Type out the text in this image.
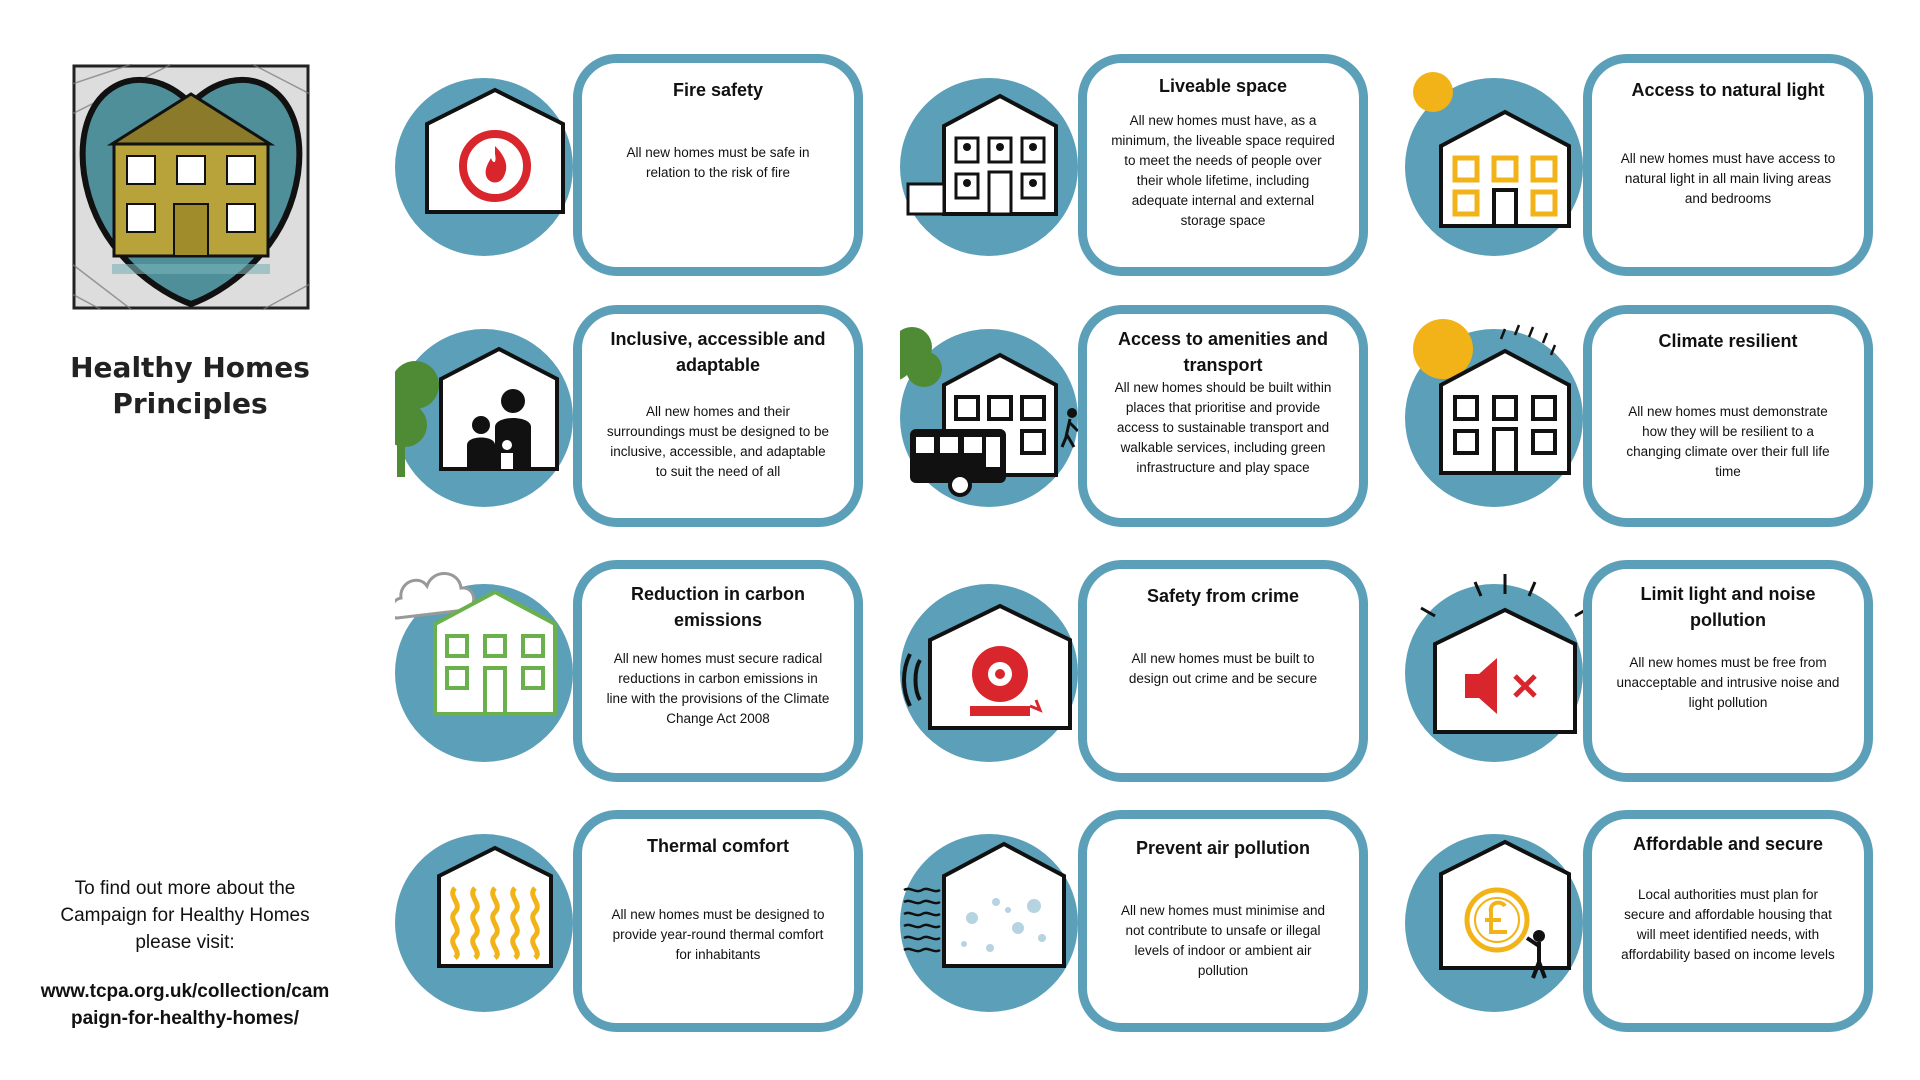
Healthy Homes
Principles
To find out more about the Campaign for Healthy Homes please visit:
www.tcpa.org.uk/collection/campaign-for-healthy-homes/
Fire safety
All new homes must be safe in relation to the risk of fire
Liveable space
All new homes must have, as a minimum, the liveable space required to meet the needs of people over their whole lifetime, including adequate internal and external storage space
Access to natural light
All new homes must have access to natural light in all main living areas and bedrooms
Inclusive, accessible and adaptable
All new homes and their surroundings must be designed to be inclusive, accessible, and adaptable to suit the need of all
Access to amenities and transport
All new homes should be built within places that prioritise and provide access to sustainable transport and walkable services, including green infrastructure and play space
Climate resilient
All new homes must demonstrate how they will be resilient to a changing climate over their full life time
Reduction in carbon emissions
All new homes must secure radical reductions in carbon emissions in line with the provisions of the Climate Change Act 2008
Safety from crime
All new homes must be built to design out crime and be secure
Limit light and noise pollution
All new homes must be free from unacceptable and intrusive noise and light pollution
Thermal comfort
All new homes must be designed to provide year-round thermal comfort for inhabitants
Prevent air pollution
All new homes must minimise and not contribute to unsafe or illegal levels of indoor or ambient air pollution
Affordable and secure
Local authorities must plan for secure and affordable housing that will meet identified needs, with affordability based on income levels
